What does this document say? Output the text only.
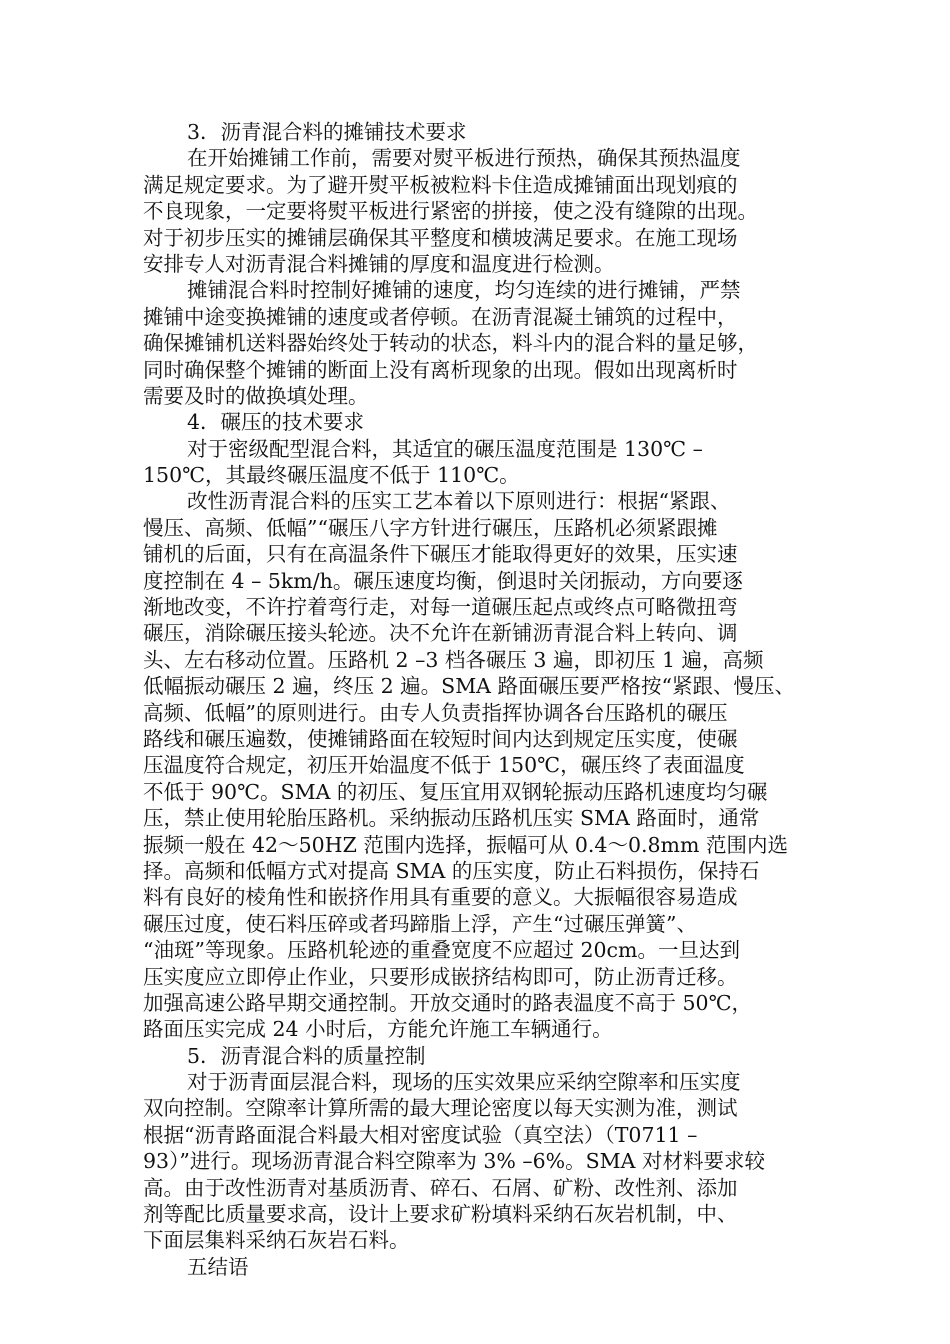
3．沥青混合料的摊铺技术要求
在开始摊铺工作前，需要对熨平板进行预热，确保其预热温度
满足规定要求。为了避开熨平板被粒料卡住造成摊铺面出现划痕的
不良现象，一定要将熨平板进行紧密的拼接，使之没有缝隙的出现。
对于初步压实的摊铺层确保其平整度和横坡满足要求。在施工现场
安排专人对沥青混合料摊铺的厚度和温度进行检测。
摊铺混合料时控制好摊铺的速度，均匀连续的进行摊铺，严禁
摊铺中途变换摊铺的速度或者停顿。在沥青混凝土铺筑的过程中，
确保摊铺机送料器始终处于转动的状态，料斗内的混合料的量足够，
同时确保整个摊铺的断面上没有离析现象的出现。假如出现离析时
需要及时的做换填处理。
4．碾压的技术要求
对于密级配型混合料，其适宜的碾压温度范围是 130℃ –
150℃，其最终碾压温度不低于 110℃。
改性沥青混合料的压实工艺本着以下原则进行：根据“紧跟、
慢压、高频、低幅”“碾压八字方针进行碾压，压路机必须紧跟摊
铺机的后面，只有在高温条件下碾压才能取得更好的效果，压实速
度控制在 4 – 5km/h。碾压速度均衡，倒退时关闭振动，方向要逐
渐地改变，不许拧着弯行走，对每一道碾压起点或终点可略微扭弯
碾压，消除碾压接头轮迹。决不允许在新铺沥青混合料上转向、调
头、左右移动位置。压路机 2 –3 档各碾压 3 遍，即初压 1 遍，高频
低幅振动碾压 2 遍，终压 2 遍。SMA 路面碾压要严格按“紧跟、慢压、
高频、低幅”的原则进行。由专人负责指挥协调各台压路机的碾压
路线和碾压遍数，使摊铺路面在较短时间内达到规定压实度，使碾
压温度符合规定，初压开始温度不低于 150℃，碾压终了表面温度
不低于 90℃。SMA 的初压、复压宜用双钢轮振动压路机速度均匀碾
压，禁止使用轮胎压路机。采纳振动压路机压实 SMA 路面时，通常
振频一般在 42～50HZ 范围内选择，振幅可从 0.4～0.8mm 范围内选
择。高频和低幅方式对提高 SMA 的压实度，防止石料损伤，保持石
料有良好的棱角性和嵌挤作用具有重要的意义。大振幅很容易造成
碾压过度，使石料压碎或者玛蹄脂上浮，产生“过碾压弹簧”、
“油斑”等现象。压路机轮迹的重叠宽度不应超过 20cm。一旦达到
压实度应立即停止作业，只要形成嵌挤结构即可，防止沥青迁移。
加强高速公路早期交通控制。开放交通时的路表温度不高于 50℃，
路面压实完成 24 小时后，方能允许施工车辆通行。
5．沥青混合料的质量控制
对于沥青面层混合料，现场的压实效果应采纳空隙率和压实度
双向控制。空隙率计算所需的最大理论密度以每天实测为准，测试
根据“沥青路面混合料最大相对密度试验（真空法）（T0711 –
93）”进行。现场沥青混合料空隙率为 3% –6%。SMA 对材料要求较
高。由于改性沥青对基质沥青、碎石、石屑、矿粉、改性剂、添加
剂等配比质量要求高，设计上要求矿粉填料采纳石灰岩机制，中、
下面层集料采纳石灰岩石料。
五结语
